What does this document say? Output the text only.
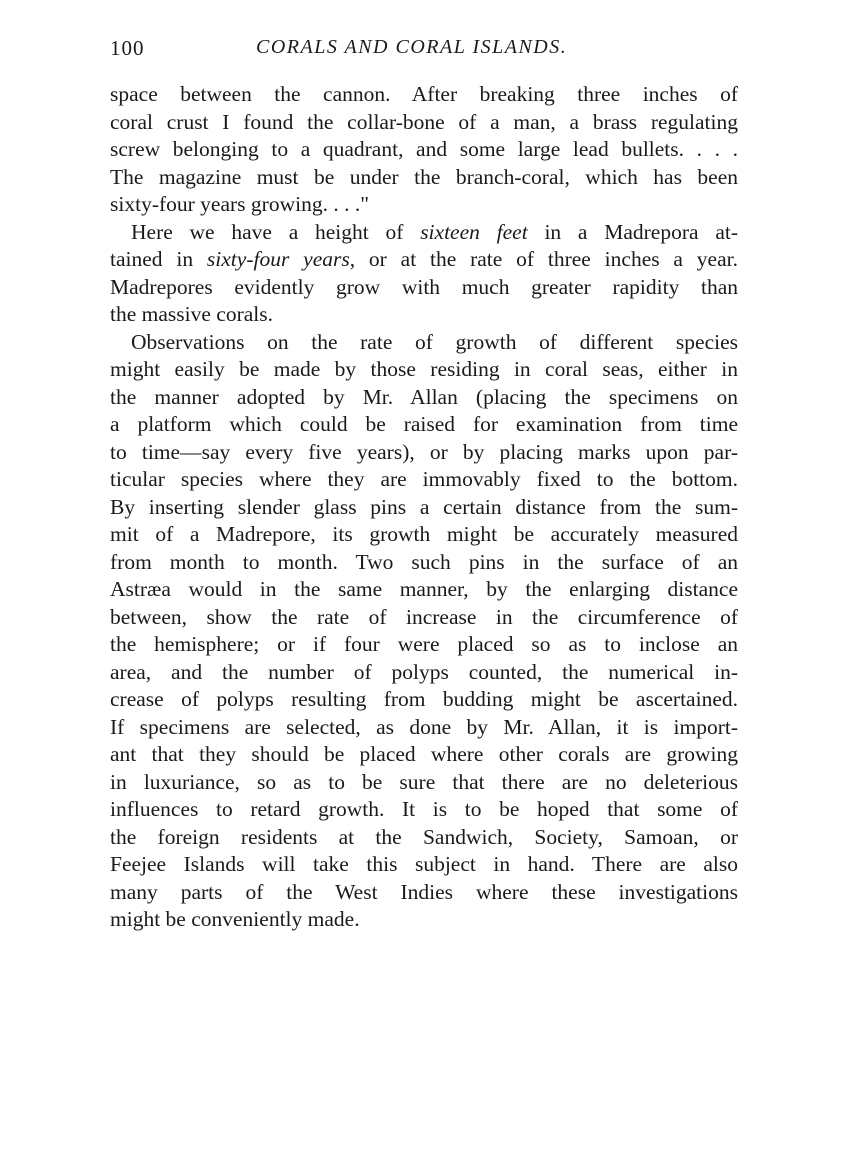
100	CORALS AND CORAL ISLANDS.
space between the cannon. After breaking three inches of
coral crust I found the collar-bone of a man, a brass regulating
screw belonging to a quadrant, and some large lead bullets. . . .
The magazine must be under the branch-coral, which has been
sixty-four years growing. . . ."
Here we have a height of sixteen feet in a Madrepora at-
tained in sixty-four years, or at the rate of three inches a year.
Madrepores evidently grow with much greater rapidity than
the massive corals.
Observations on the rate of growth of different species
might easily be made by those residing in coral seas, either in
the manner adopted by Mr. Allan (placing the specimens on
a platform which could be raised for examination from time
to time—say every five years), or by placing marks upon par-
ticular species where they are immovably fixed to the bottom.
By inserting slender glass pins a certain distance from the sum-
mit of a Madrepore, its growth might be accurately measured
from month to month. Two such pins in the surface of an
Astræa would in the same manner, by the enlarging distance
between, show the rate of increase in the circumference of
the hemisphere; or if four were placed so as to inclose an
area, and the number of polyps counted, the numerical in-
crease of polyps resulting from budding might be ascertained.
If specimens are selected, as done by Mr. Allan, it is import-
ant that they should be placed where other corals are growing
in luxuriance, so as to be sure that there are no deleterious
influences to retard growth. It is to be hoped that some of
the foreign residents at the Sandwich, Society, Samoan, or
Feejee Islands will take this subject in hand. There are also
many parts of the West Indies where these investigations
might be conveniently made.
